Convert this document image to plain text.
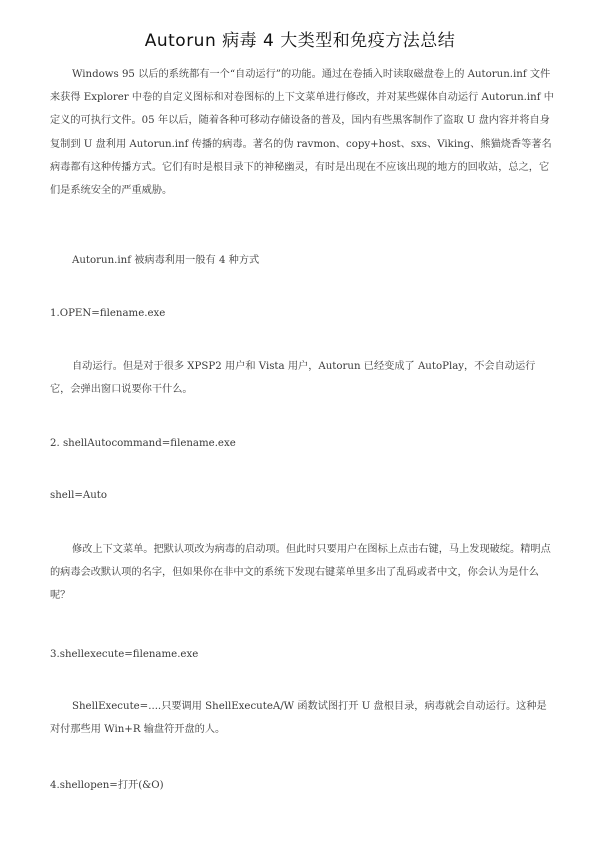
Autorun 病毒 4 大类型和免疫方法总结

Windows 95 以后的系统都有一个“自动运行”的功能。通过在卷插入时读取磁盘卷上的 Autorun.inf 文件来获得 Explorer 中卷的自定义图标和对卷图标的上下文菜单进行修改，并对某些媒体自动运行 Autorun.inf 中定义的可执行文件。05 年以后，随着各种可移动存储设备的普及，国内有些黑客制作了盗取 U 盘内容并将自身复制到 U 盘利用 Autorun.inf 传播的病毒。著名的伪 ravmon、copy+host、sxs、Viking、熊猫烧香等著名病毒都有这种传播方式。它们有时是根目录下的神秘幽灵，有时是出现在不应该出现的地方的回收站，总之，它们是系统安全的严重威胁。

Autorun.inf 被病毒利用一般有 4 种方式

1.OPEN=filename.exe

自动运行。但是对于很多 XPSP2 用户和 Vista 用户，Autorun 已经变成了 AutoPlay，不会自动运行它，会弹出窗口说要你干什么。

2. shellAutocommand=filename.exe

shell=Auto

修改上下文菜单。把默认项改为病毒的启动项。但此时只要用户在图标上点击右键，马上发现破绽。精明点的病毒会改默认项的名字，但如果你在非中文的系统下发现右键菜单里多出了乱码或者中文，你会认为是什么呢？

3.shellexecute=filename.exe

ShellExecute=....只要调用 ShellExecuteA/W 函数试图打开 U 盘根目录，病毒就会自动运行。这种是对付那些用 Win+R 输盘符开盘的人。

4.shellopen=打开(&O)
